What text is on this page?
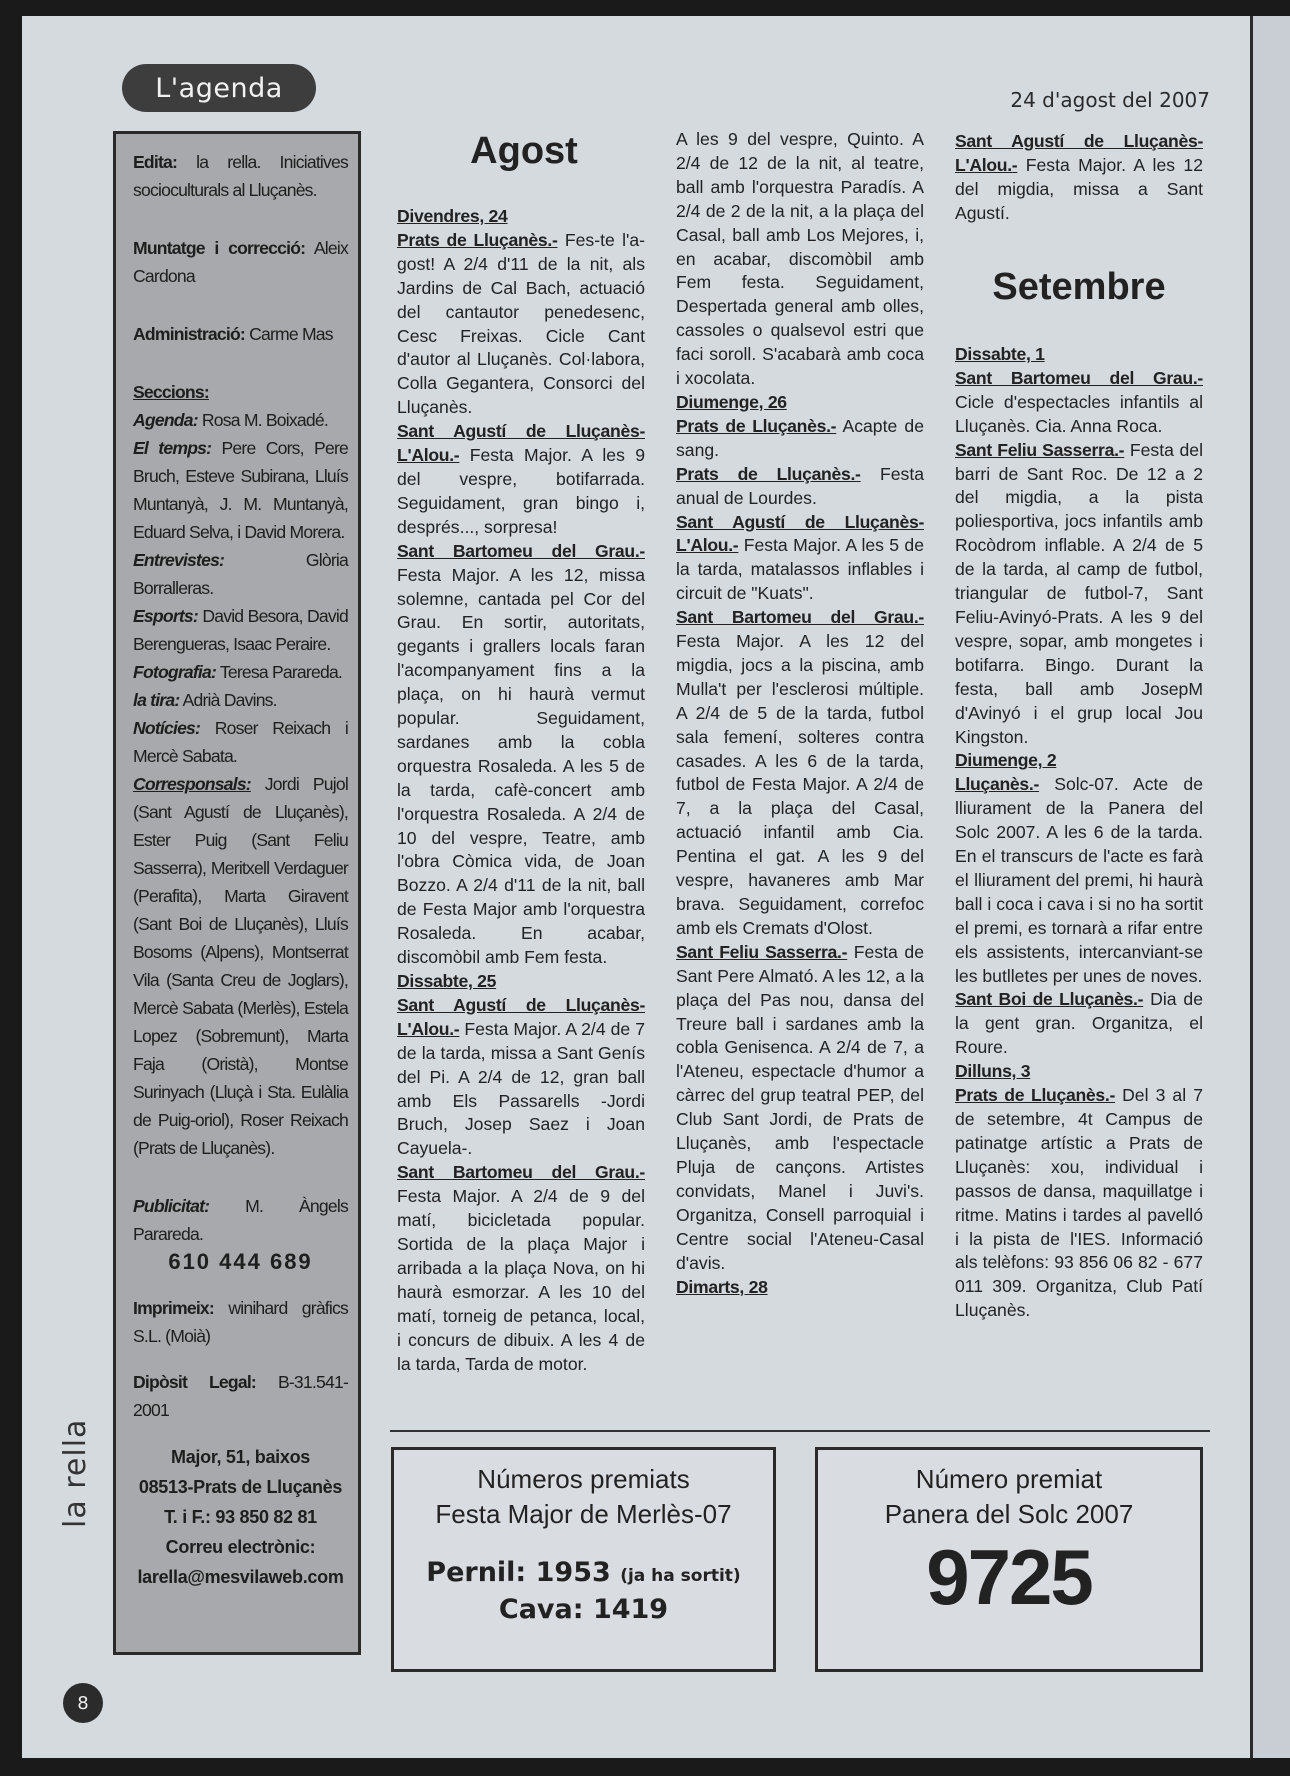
L'agenda	24 d'agost del 2007

Edita: la rella. Iniciatives socioculturals al Lluçanès.

Muntatge i correcció: Aleix Cardona

Administració: Carme Mas

Seccions:

Agenda: Rosa M. Boixadé.

El temps: Pere Cors, Pere Bruch, Esteve Subirana, Lluís Muntanyà, J. M. Muntanyà, Eduard Selva, i David Morera.

Entrevistes:	Glòria Borralleras.

Esports: David Besora, David Berengueras, Isaac Peraire.

Fotografia: Teresa Parareda.

la tira: Adrià Davins.

Notícies: Roser Reixach i Mercè Sabata.

Corresponsals: Jordi Pujol (Sant Agustí de Lluçanès), Ester Puig (Sant Feliu Sasserra), Meritxell Verdaguer (Perafita), Marta Giravent (Sant Boi de Lluçanès), Lluís Bosoms (Alpens), Montserrat Vila (Santa Creu de Joglars), Mercè Sabata (Merlès), Estela Lopez (Sobremunt), Marta Faja (Oristà), Montse Surinyach (Lluçà i Sta. Eulàlia de Puig-oriol), Roser Reixach (Prats de Lluçanès).

Publicitat: M. Àngels Parareda.

610 444 689

Imprimeix: winihard gràfics S.L. (Moià)

Dipòsit Legal: B-31.541-2001

Major, 51, baixos

08513-Prats de Lluçanès

T. i F.: 93 850 82 81

Correu electrònic:

larella@mesvilaweb.com

la rella
8
Agost

Divendres, 24

Prats de Lluçanès.- Fes-te l'a-gost! A 2/4 d'11 de la nit, als Jardins de Cal Bach, actuació del cantautor penedesenc, Cesc Freixas. Cicle Cant d'autor al Lluçanès. Col·labora, Colla Gegantera, Consorci del Lluçanès.

Sant Agustí de Lluçanès-L'Alou.- Festa Major. A les 9 del vespre, botifarrada. Seguidament, gran bingo i, després..., sorpresa!

Sant Bartomeu del Grau.- Festa Major. A les 12, missa solemne, cantada pel Cor del Grau. En sortir, autoritats, gegants i grallers locals faran l'acompanyament fins a la plaça, on hi haurà vermut popular. Seguidament, sardanes amb la cobla orquestra Rosaleda. A les 5 de la tarda, cafè-concert amb l'orquestra Rosaleda. A 2/4 de 10 del vespre, Teatre, amb l'obra Còmica vida, de Joan Bozzo. A 2/4 d'11 de la nit, ball de Festa Major amb l'orquestra Rosaleda. En acabar, discomòbil amb Fem festa.

Dissabte, 25

Sant Agustí de Lluçanès-L'Alou.- Festa Major. A 2/4 de 7 de la tarda, missa a Sant Genís del Pi. A 2/4 de 12, gran ball amb Els Passarells -Jordi Bruch, Josep Saez i Joan Cayuela-.

Sant Bartomeu del Grau.- Festa Major. A 2/4 de 9 del matí, bicicletada popular. Sortida de la plaça Major i arribada a la plaça Nova, on hi haurà esmorzar. A les 10 del matí, torneig de petanca, local, i concurs de dibuix. A les 4 de la tarda, Tarda de motor.

A les 9 del vespre, Quinto. A 2/4 de 12 de la nit, al teatre, ball amb l'orquestra Paradís. A 2/4 de 2 de la nit, a la plaça del Casal, ball amb Los Mejores, i, en acabar, discomòbil amb Fem festa. Seguidament, Despertada general amb olles, cassoles o qualsevol estri que faci soroll. S'acabarà amb coca i xocolata.

Diumenge, 26

Prats de Lluçanès.- Acapte de sang.

Prats de Lluçanès.- Festa anual de Lourdes.

Sant Agustí de Lluçanès-L'Alou.- Festa Major. A les 5 de la tarda, matalassos inflables i circuit de "Kuats".

Sant Bartomeu del Grau.- Festa Major. A les 12 del migdia, jocs a la piscina, amb Mulla't per l'esclerosi múltiple. A 2/4 de 5 de la tarda, futbol sala femení, solteres contra casades. A les 6 de la tarda, futbol de Festa Major. A 2/4 de 7, a la plaça del Casal, actuació infantil amb Cia. Pentina el gat. A les 9 del vespre, havaneres amb Mar brava. Seguidament, correfoc amb els Cremats d'Olost.

Sant Feliu Sasserra.- Festa de Sant Pere Almató. A les 12, a la plaça del Pas nou, dansa del Treure ball i sardanes amb la cobla Genisenca. A 2/4 de 7, a l'Ateneu, espectacle d'humor a càrrec del grup teatral PEP, del Club Sant Jordi, de Prats de Lluçanès, amb l'espectacle Pluja de cançons. Artistes convidats, Manel i Juvi's. Organitza, Consell parroquial i Centre social l'Ateneu-Casal d'avis.

Dimarts, 28

Sant Agustí de Lluçanès-L'Alou.- Festa Major. A les 12 del migdia, missa a Sant Agustí.

Setembre

Dissabte, 1

Sant Bartomeu del Grau.- Cicle d'espectacles infantils al Lluçanès. Cia. Anna Roca.

Sant Feliu Sasserra.- Festa del barri de Sant Roc. De 12 a 2 del migdia, a la pista poliesportiva, jocs infantils amb Rocòdrom inflable. A 2/4 de 5 de la tarda, al camp de futbol, triangular de futbol-7, Sant Feliu-Avinyó-Prats. A les 9 del vespre, sopar, amb mongetes i botifarra. Bingo. Durant la festa, ball amb JosepM d'Avinyó i el grup local Jou Kingston.

Diumenge, 2

Lluçanès.- Solc-07. Acte de lliurament de la Panera del Solc 2007. A les 6 de la tarda. En el transcurs de l'acte es farà el lliurament del premi, hi haurà ball i coca i cava i si no ha sortit el premi, es tornarà a rifar entre els assistents, intercanviant-se les butlletes per unes de noves.

Sant Boi de Lluçanès.- Dia de la gent gran. Organitza, el Roure.

Dilluns, 3

Prats de Lluçanès.- Del 3 al 7 de setembre, 4t Campus de patinatge artístic a Prats de Lluçanès: xou, individual i passos de dansa, maquillatge i ritme. Matins i tardes al pavelló i la pista de l'IES. Informació als telèfons: 93 856 06 82 - 677 011 309. Organitza, Club Patí Lluçanès.

Números premiats
Festa Major de Merlès-07
Pernil: 1953 (ja ha sortit)
Cava: 1419
Número premiat
Panera del Solc 2007
9725
